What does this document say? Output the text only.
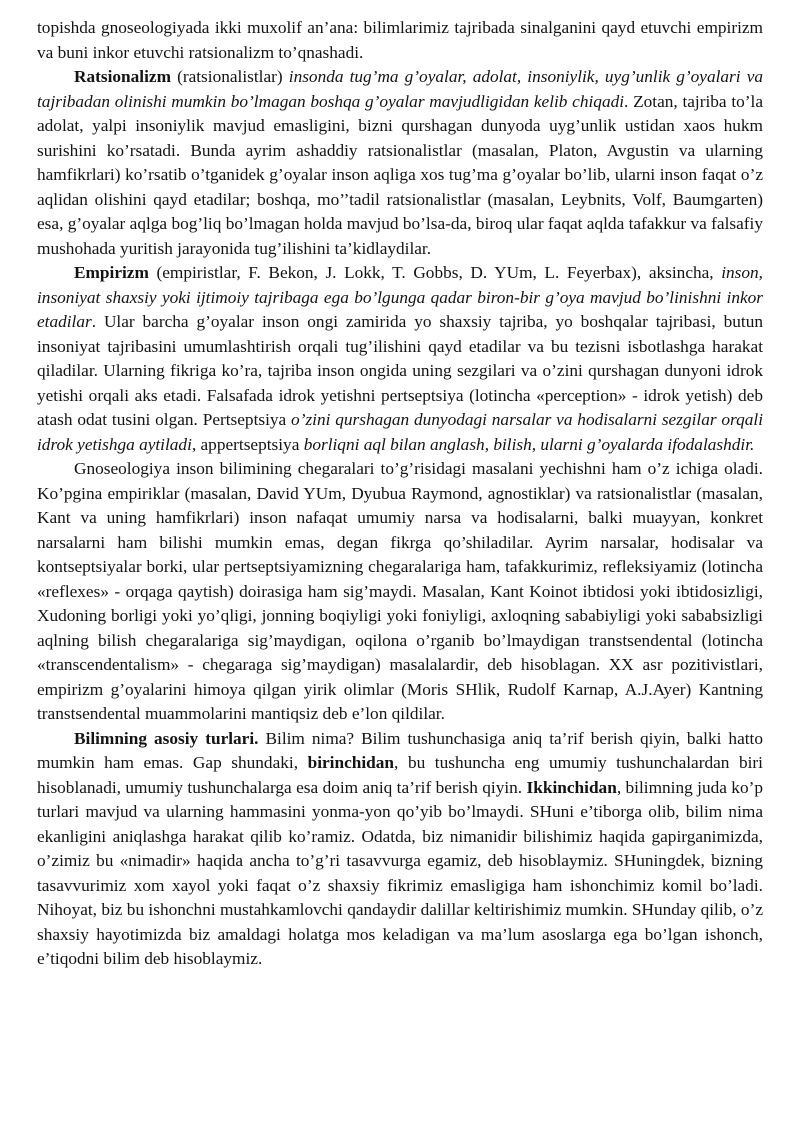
topishda gnoseologiyada ikki muxolif an’ana: bilimlarimiz tajribada sinalganini qayd etuvchi empirizm va buni inkor etuvchi ratsionalizm to’qnashadi.

Ratsionalizm (ratsionalistlar) insonda tug’ma g’oyalar, adolat, insoniylik, uyg’unlik g’oyalari va tajribadan olinishi mumkin bo’lmagan boshqa g’oyalar mavjudligidan kelib chiqadi. Zotan, tajriba to’la adolat, yalpi insoniylik mavjud emasligini, bizni qurshagan dunyoda uyg’unlik ustidan xaos hukm surishini ko’rsatadi. Bunda ayrim ashaddiy ratsionalistlar (masalan, Platon, Avgustin va ularning hamfikrlari) ko’rsatib o’tganidek g’oyalar inson aqliga xos tug’ma g’oyalar bo’lib, ularni inson faqat o’z aqlidan olishini qayd etadilar; boshqa, mo’’tadil ratsionalistlar (masalan, Leybnits, Volf, Baumgarten) esa, g’oyalar aqlga bog’liq bo’lmagan holda mavjud bo’lsa-da, biroq ular faqat aqlda tafakkur va falsafiy mushohada yuritish jarayonida tug’ilishini ta’kidlaydilar.

Empirizm (empiristlar, F. Bekon, J. Lokk, T. Gobbs, D. YUm, L. Feyerbax), aksincha, inson, insoniyat shaxsiy yoki ijtimoiy tajribaga ega bo’lgunga qadar biron-bir g’oya mavjud bo’linishni inkor etadilar. Ular barcha g’oyalar inson ongi zamirida yo shaxsiy tajriba, yo boshqalar tajribasi, butun insoniyat tajribasini umumlashtirish orqali tug’ilishini qayd etadilar va bu tezisni isbotlashga harakat qiladilar. Ularning fikriga ko’ra, tajriba inson ongida uning sezgilari va o’zini qurshagan dunyoni idrok yetishi orqali aks etadi. Falsafada idrok yetishni pertseptsiya (lotincha «perception» - idrok yetish) deb atash odat tusini olgan. Pertseptsiya o’zini qurshagan dunyodagi narsalar va hodisalarni sezgilar orqali idrok yetishga aytiladi, appertseptsiya borliqni aql bilan anglash, bilish, ularni g’oyalarda ifodalashdir.

Gnoseologiya inson bilimining chegaralari to’g’risidagi masalani yechishni ham o’z ichiga oladi. Ko’pgina empiriklar (masalan, David YUm, Dyubua Raymond, agnostiklar) va ratsionalistlar (masalan, Kant va uning hamfikrlari) inson nafaqat umumiy narsa va hodisalarni, balki muayyan, konkret narsalarni ham bilishi mumkin emas, degan fikrga qo’shiladilar. Ayrim narsalar, hodisalar va kontseptsiyalar borki, ular pertseptsiyamizning chegaralariga ham, tafakkurimiz, refleksiyamiz (lotincha «reflexes» - orqaga qaytish) doirasiga ham sig’maydi. Masalan, Kant Koinot ibtidosi yoki ibtidosizligi, Xudoning borligi yoki yo’qligi, jonning boqiyligi yoki foniyligi, axloqning sababiyligi yoki sababsizligi aqlning bilish chegaralariga sig’maydigan, oqilona o’rganib bo’lmaydigan transtsendental (lotincha «transcendentalism» - chegaraga sig’maydigan) masalalardir, deb hisoblagan. XX asr pozitivistlari, empirizm g’oyalarini himoya qilgan yirik olimlar (Moris SHlik, Rudolf Karnap, A.J.Ayer) Kantning transtsendental muammolarini mantiqsiz deb e’lon qildilar.

Bilimning asosiy turlari. Bilim nima? Bilim tushunchasiga aniq ta’rif berish qiyin, balki hatto mumkin ham emas. Gap shundaki, birinchidan, bu tushuncha eng umumiy tushunchalardan biri hisoblanadi, umumiy tushunchalarga esa doim aniq ta’rif berish qiyin. Ikkinchidan, bilimning juda ko’p turlari mavjud va ularning hammasini yonma-yon qo’yib bo’lmaydi. SHuni e’tiborga olib, bilim nima ekanligini aniqlashga harakat qilib ko’ramiz. Odatda, biz nimanidir bilishimiz haqida gapirganimizda, o’zimiz bu «nimadir» haqida ancha to’g’ri tasavvurga egamiz, deb hisoblaymiz. SHuningdek, bizning tasavvurimiz xom xayol yoki faqat o’z shaxsiy fikrimiz emasligiga ham ishonchimiz komil bo’ladi. Nihoyat, biz bu ishonchni mustahkamlovchi qandaydir dalillar keltirishimiz mumkin. SHunday qilib, o’z shaxsiy hayotimizda biz amaldagi holatga mos keladigan va ma’lum asoslarga ega bo’lgan ishonch, e’tiqodni bilim deb hisoblaymiz.
